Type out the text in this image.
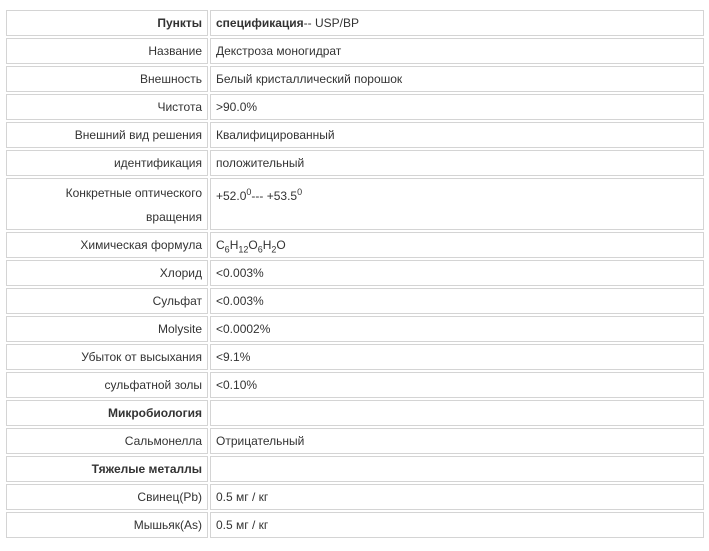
Пункты	спецификация-- USP/BP
Название	Декстроза моногидрат
Внешность	Белый кристаллический порошок
Чистота	>90.0%
Внешний вид решения	Квалифицированный
идентификация	положительный
Конкретные оптического вращения	$+52.0^0--- +53.5^0$
Химическая формула	$C_6H_{12}O_6H_2O$
Хлорид	<0.003%
Сульфат	<0.003%
Molysite	<0.0002%
Убыток от высыхания	<9.1%
сульфатной золы	<0.10%
Микробиология	
Сальмонелла	Отрицательный
Тяжелые металлы	
Свинец(Pb)	0.5 мг / кг
Мышьяк(As)	0.5 мг / кг
